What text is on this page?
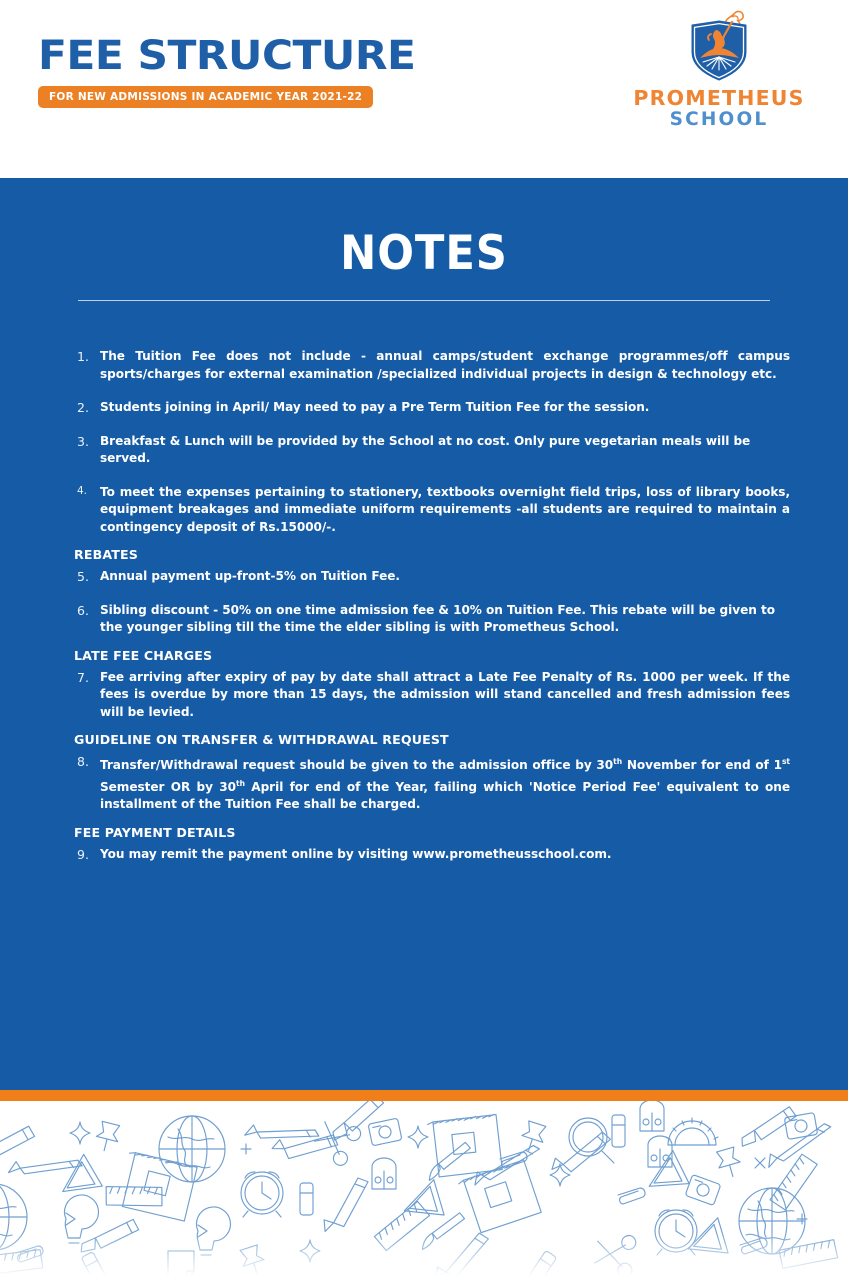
FEE STRUCTURE
FOR NEW ADMISSIONS IN ACADEMIC YEAR 2021-22	PROMETHEUS
SCHOOL
NOTES
1. The Tuition Fee does not include - annual camps/student exchange programmes/off campus sports/charges for external examination /specialized individual projects in design & technology etc.
2. Students joining in April/ May need to pay a Pre Term Tuition Fee for the session.
3. Breakfast & Lunch will be provided by the School at no cost. Only pure vegetarian meals will be served.
4.	To meet the expenses pertaining to stationery, textbooks overnight field trips, loss of library books, equipment breakages and immediate uniform requirements -all students are required to maintain a contingency deposit of Rs.15000/-.
REBATES
5. Annual payment up-front-5% on Tuition Fee.
6. Sibling discount - 50% on one time admission fee & 10% on Tuition Fee. This rebate will be given to the younger sibling till the time the elder sibling is with Prometheus School.
LATE FEE CHARGES
7. Fee arriving after expiry of pay by date shall attract a Late Fee Penalty of Rs. 1000 per week. If the fees is overdue by more than 15 days, the admission will stand cancelled and fresh admission fees will be levied.
GUIDELINE ON TRANSFER & WITHDRAWAL REQUEST
8. Transfer/Withdrawal request should be given to the admission office by 30th November for end of 1st Semester OR by 30th April for end of the Year, failing which 'Notice Period Fee' equivalent to one installment of the Tuition Fee shall be charged.
FEE PAYMENT DETAILS
9. You may remit the payment online by visiting www.prometheusschool.com.
